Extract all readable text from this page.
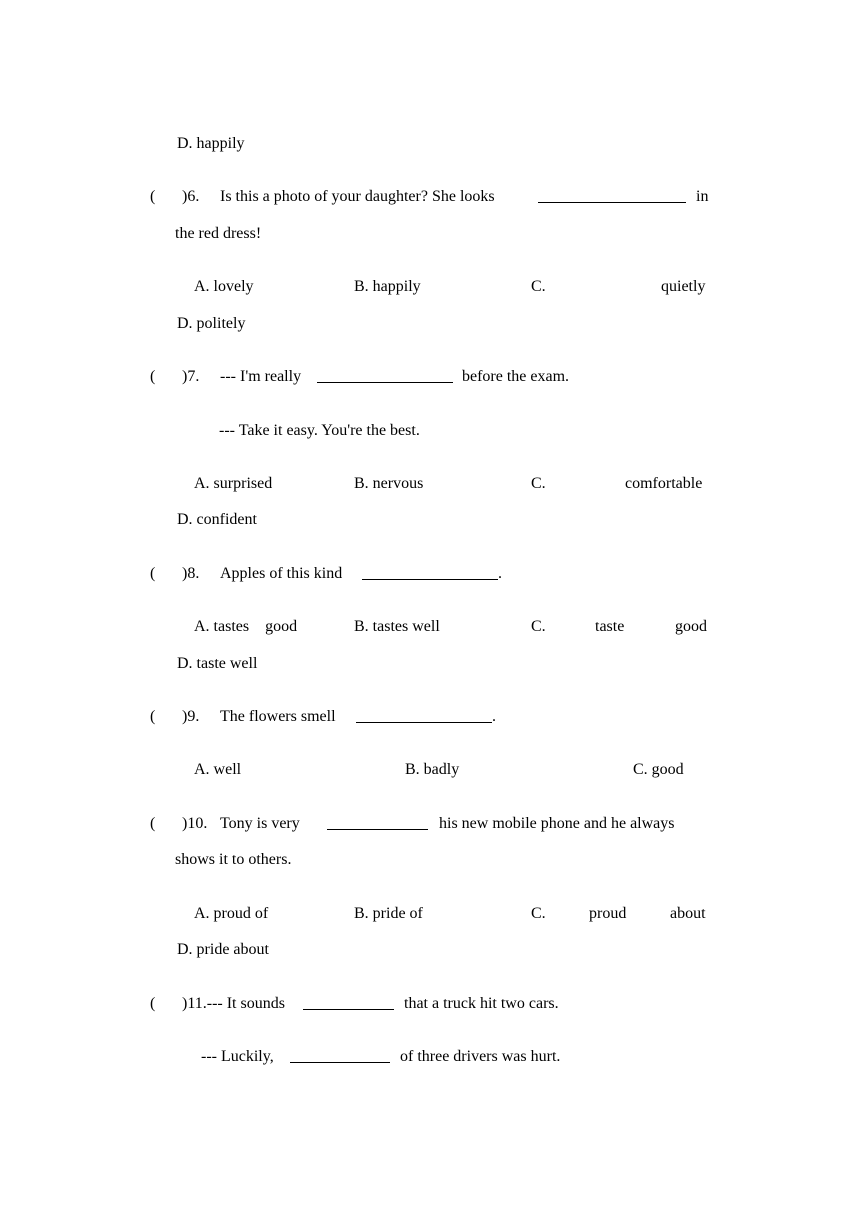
D. happily
( )6. Is this a photo of your daughter? She looks	in
the red dress!
A. lovely	B. happily	C.	quietly
D. politely
( )7. --- I'm really	before the exam.
--- Take it easy. You're the best.
A. surprised	B. nervous	C.	comfortable
D. confident
( )8. Apples of this kind	.
A. tastes　good	B. tastes well	C.	taste	good
D. taste well
( )9. The flowers smell	.
A. well	B. badly	C. good
( )10. Tony is very	his new mobile phone and he always
shows it to others.
A. proud of	B. pride of	C.	proud	about
D. pride about
( )11.--- It sounds	that a truck hit two cars.
--- Luckily,	of three drivers was hurt.
